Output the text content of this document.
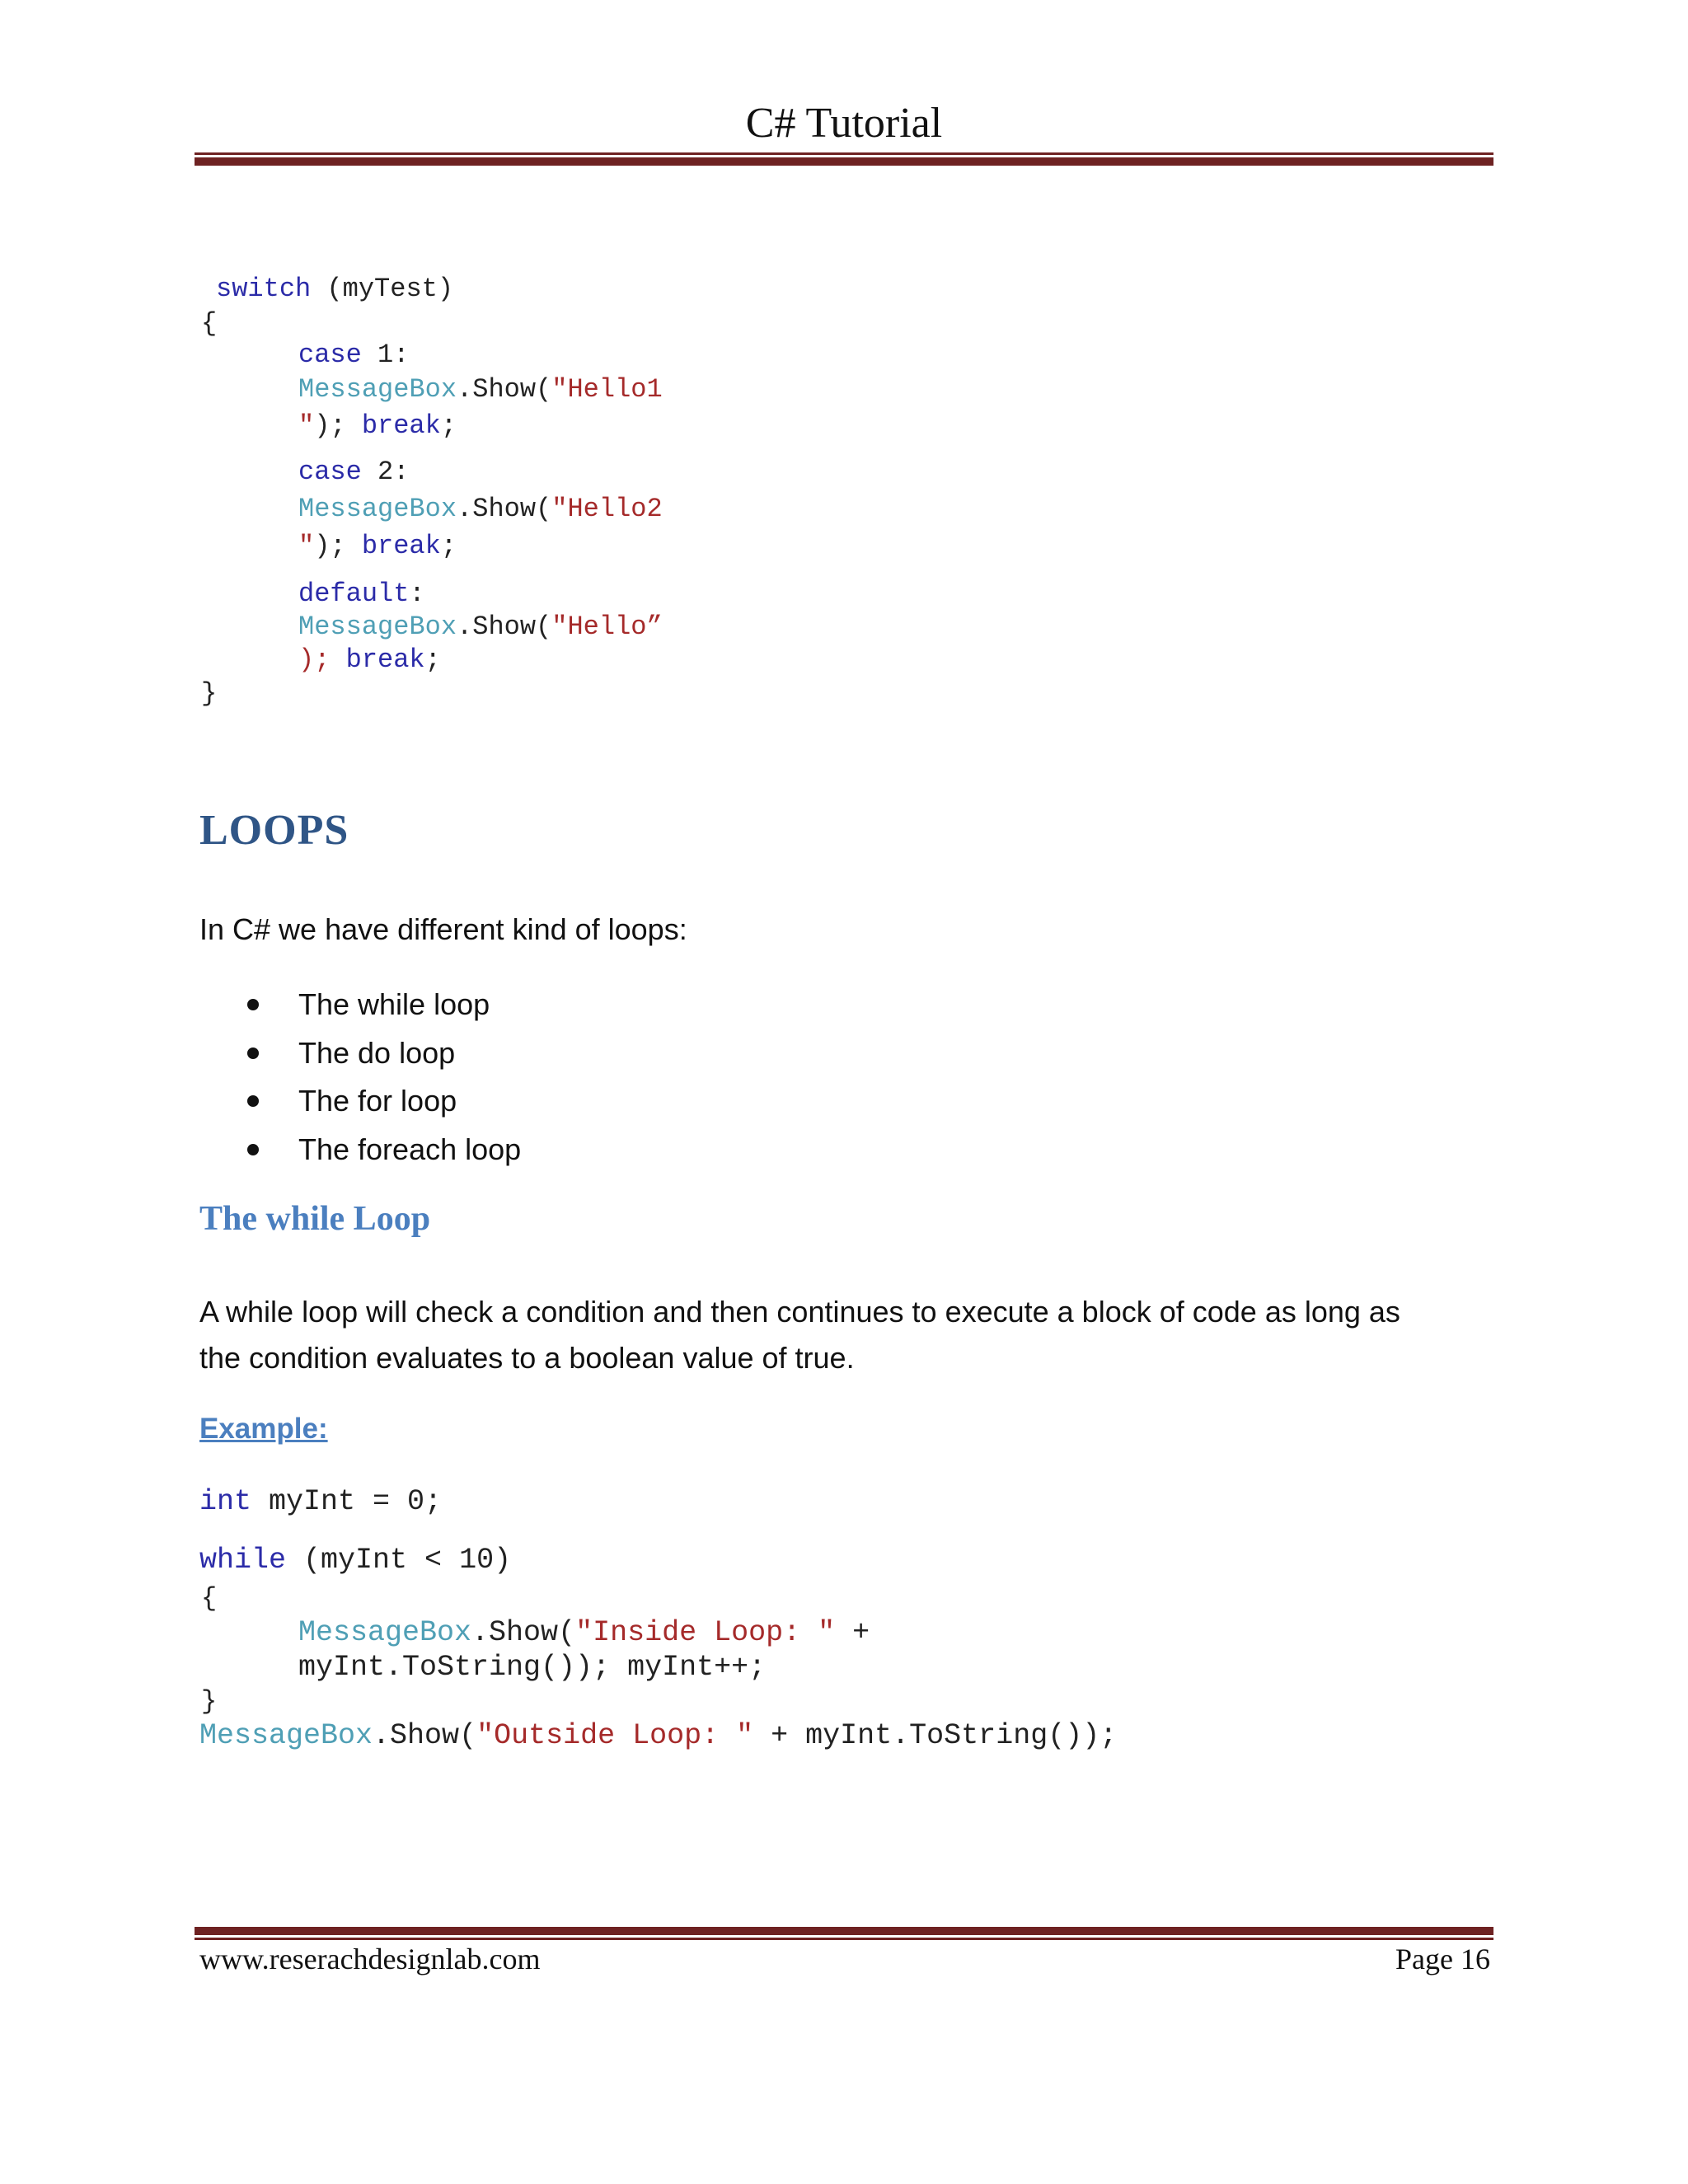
C# Tutorial
switch (myTest)
{
case 1:
MessageBox.Show("Hello1
"); break;
case 2:
MessageBox.Show("Hello2
"); break;
default:
MessageBox.Show("Hello”
); break;
}
LOOPS
In C# we have different kind of loops:
The while loop
The do loop
The for loop
The foreach loop
The while Loop
A while loop will check a condition and then continues to execute a block of code as long as
the condition evaluates to a boolean value of true.
Example:
int myInt = 0;
while (myInt < 10)
{
MessageBox.Show("Inside Loop: " +
myInt.ToString()); myInt++;
}
MessageBox.Show("Outside Loop: " + myInt.ToString());
www.reserachdesignlab.com	Page 16
